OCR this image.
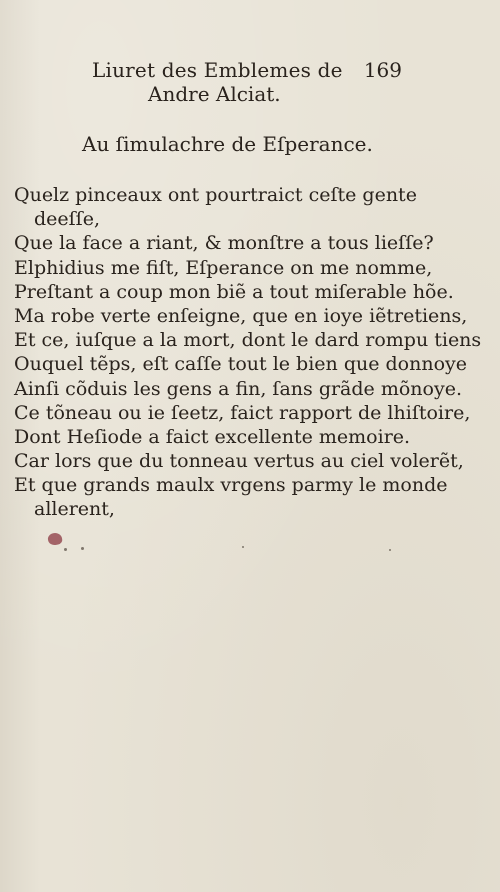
Liuret des Emblemes de
Andre Alciat.
169
Au ſimulachre de Eſperance.
Quelz pinceaux ont pourtraict ceſte gente
deeſſe,
Que la face a riant, & monſtre a tous lieſſe?
Elphidius me fiſt, Eſperance on me nomme,
Preſtant a coup mon biẽ a tout miſerable hõe.
Ma robe verte enſeigne, que en ioye iẽtretiens,
Et ce, iuſque a la mort, dont le dard rompu tiens
Ouquel tẽps, eſt caſſe tout le bien que donnoye
Ainſi cõduis les gens a fin, ſans grãde mõnoye.
Ce tõneau ou ie ſeetz, faict rapport de lhiſtoire,
Dont Heſiode a faict excellente memoire.
Car lors que du tonneau vertus au ciel volerẽt,
Et que grands maulx vrgens parmy le monde
allerent,
